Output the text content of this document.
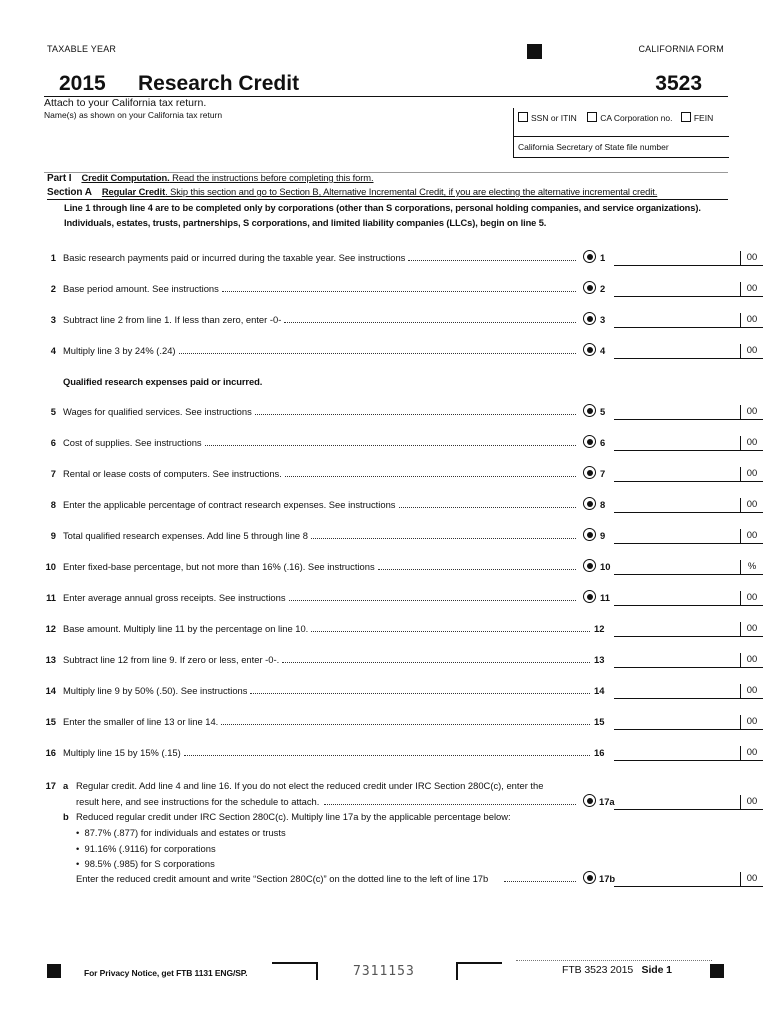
TAXABLE YEAR	CALIFORNIA FORM
2015 Research Credit	3523
Attach to your California tax return.
Name(s) as shown on your California tax return	SSN or ITIN	CA Corporation no.	FEIN
California Secretary of State file number
Part I Credit Computation. Read the instructions before completing this form.
Section A Regular Credit. Skip this section and go to Section B, Alternative Incremental Credit, if you are electing the alternative incremental credit.
Line 1 through line 4 are to be completed only by corporations (other than S corporations, personal holding companies, and service organizations).
Individuals, estates, trusts, partnerships, S corporations, and limited liability companies (LLCs), begin on line 5.
Qualified research expenses paid or incurred.
1 Basic research payments paid or incurred during the taxable year. See instructions	1	00
2 Base period amount. See instructions	2	00
3 Subtract line 2 from line 1. If less than zero, enter -0-	3	00
4 Multiply line 3 by 24% (.24)	4	00
5 Wages for qualified services. See instructions	5	00
6 Cost of supplies. See instructions	6	00
7 Rental or lease costs of computers. See instructions.	7	00
8 Enter the applicable percentage of contract research expenses. See instructions	8	00
9 Total qualified research expenses. Add line 5 through line 8	9	00
10 Enter fixed-base percentage, but not more than 16% (.16). See instructions	10	%
11 Enter average annual gross receipts. See instructions	11	00
12 Base amount. Multiply line 11 by the percentage on line 10.	12	00
13 Subtract line 12 from line 9. If zero or less, enter -0-.	13	00
14 Multiply line 9 by 50% (.50). See instructions	14	00
15 Enter the smaller of line 13 or line 14.	15	00
16 Multiply line 15 by 15% (.15)	16	00
17 a Regular credit. Add line 4 and line 16. If you do not elect the reduced credit under IRC Section 280C(c), enter the
result here, and see instructions for the schedule to attach.	17a	00
b Reduced regular credit under IRC Section 280C(c). Multiply line 17a by the applicable percentage below:
•  87.7% (.877) for individuals and estates or trusts
•  91.16% (.9116) for corporations
•  98.5% (.985) for S corporations
Enter the reduced credit amount and write “Section 280C(c)” on the dotted line to the left of line 17b	17b	00
For Privacy Notice, get FTB 1131 ENG/SP.	7311153	FTB 3523 2015 Side 1
